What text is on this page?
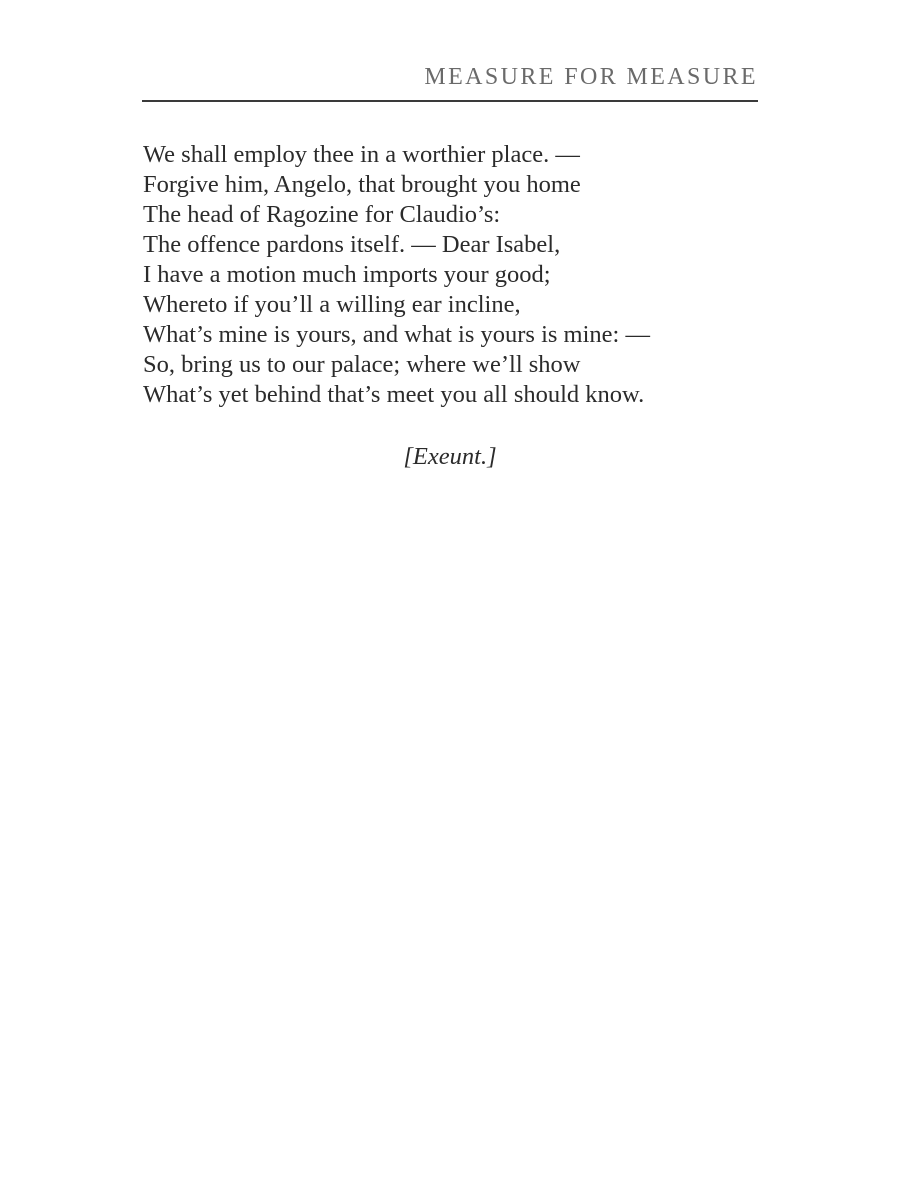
MEASURE FOR MEASURE
We shall employ thee in a worthier place. —
Forgive him, Angelo, that brought you home
The head of Ragozine for Claudio’s:
The offence pardons itself. — Dear Isabel,
I have a motion much imports your good;
Whereto if you’ll a willing ear incline,
What’s mine is yours, and what is yours is mine: —
So, bring us to our palace; where we’ll show
What’s yet behind that’s meet you all should know.
[Exeunt.]
